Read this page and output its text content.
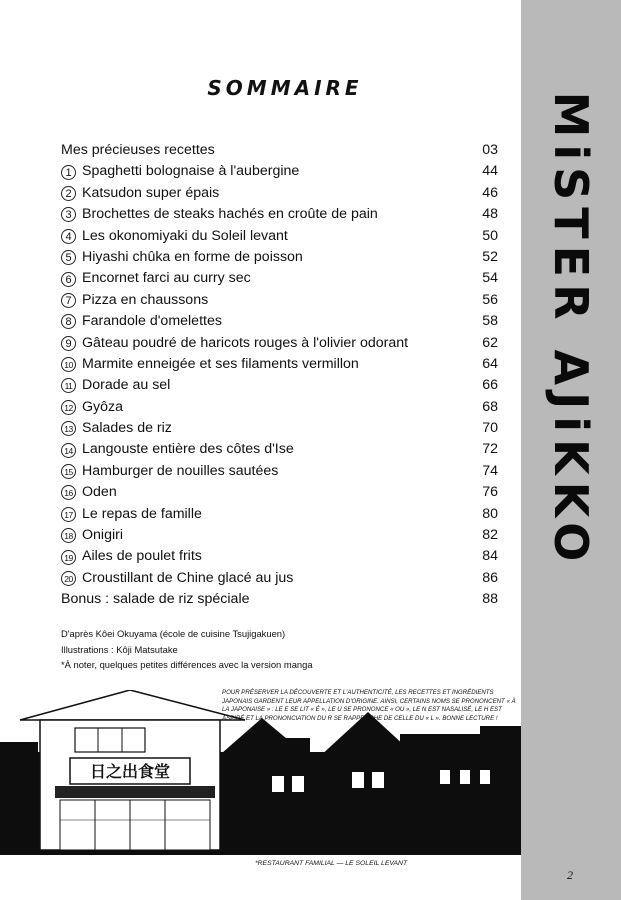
MiSTER AJiKKO
SOMMAIRE
Mes précieuses recettes	03
1 Spaghetti bolognaise à l'aubergine	44
2 Katsudon super épais	46
3 Brochettes de steaks hachés en croûte de pain	48
4 Les okonomiyaki du Soleil levant	50
5 Hiyashi chûka en forme de poisson	52
6 Encornet farci au curry sec	54
7 Pizza en chaussons	56
8 Farandole d'omelettes	58
9 Gâteau poudré de haricots rouges à l'olivier odorant	62
10 Marmite enneigée et ses filaments vermillon	64
11 Dorade au sel	66
12 Gyôza	68
13 Salades de riz	70
14 Langouste entière des côtes d'Ise	72
15 Hamburger de nouilles sautées	74
16 Oden	76
17 Le repas de famille	80
18 Onigiri	82
19 Ailes de poulet frits	84
20 Croustillant de Chine glacé au jus	86
Bonus : salade de riz spéciale	88
D'après Kôei Okuyama (école de cuisine Tsujigakuen)
Illustrations : Kôji Matsutake
*À noter, quelques petites différences avec la version manga
日之出食堂
POUR PRÉSERVER LA DÉCOUVERTE ET L'AUTHENTICITÉ, LES RECETTES ET INGRÉDIENTS JAPONAIS GARDENT LEUR APPELLATION D'ORIGINE. AINSI, CERTAINS NOMS SE PRONONCENT « À LA JAPONAISE » : LE E SE LIT « É », LE U SE PRONONCE « OU », LE N EST NASALISÉ, LE H EST ASPIRÉ ET LA PRONONCIATION DU R SE RAPPROCHE DE CELLE DU « L ». BONNE LECTURE !
*RESTAURANT FAMILIAL — LE SOLEIL LEVANT
2
